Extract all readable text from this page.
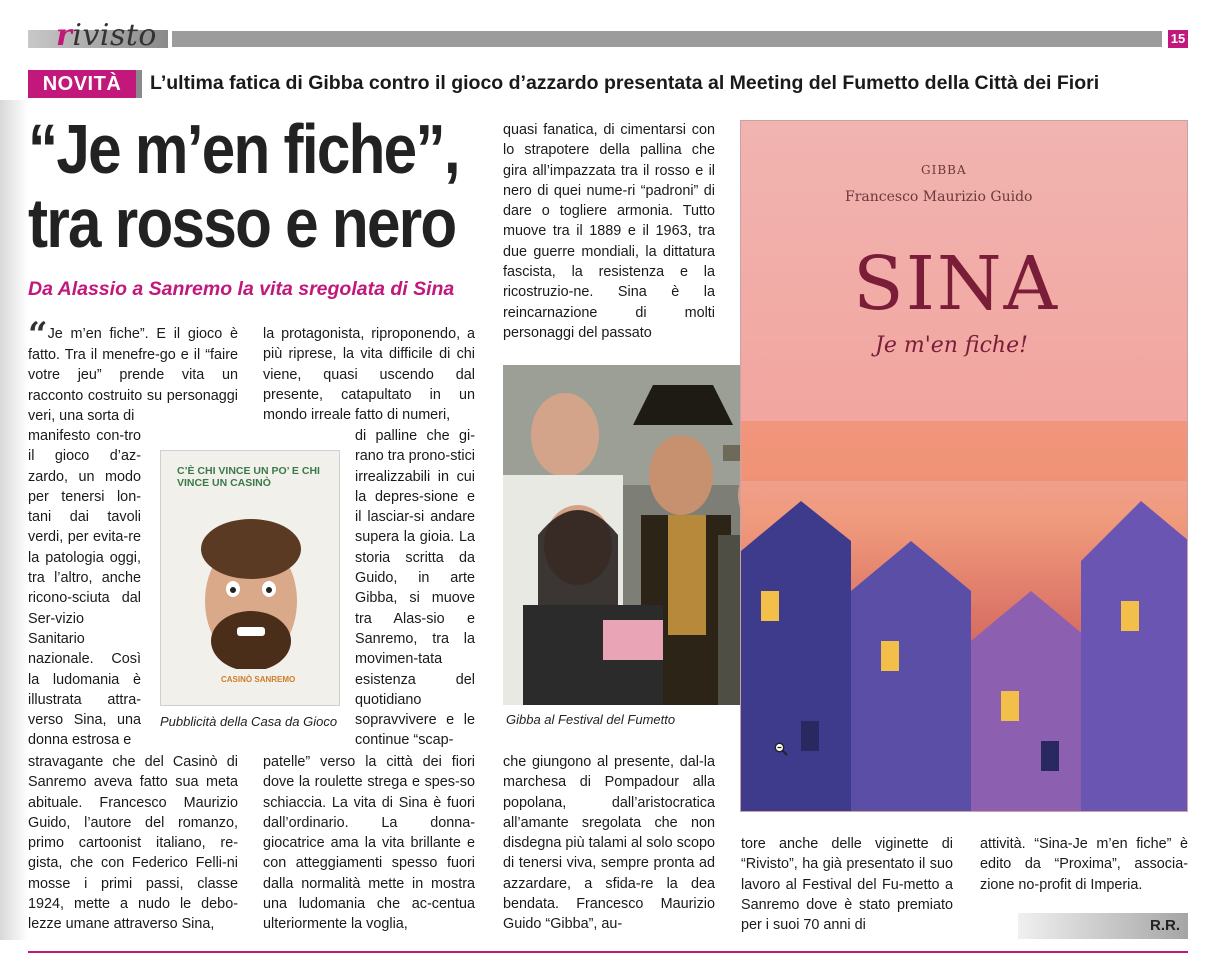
rivisto	15
NOVITÀ	L’ultima fatica di Gibba contro il gioco d’azzardo presentata al Meeting del Fumetto della Città dei Fiori
“Je m’en fiche”,
tra rosso e nero
Da Alassio a Sanremo la vita sregolata di Sina
“Je m’en fiche”. E il gioco è fatto. Tra il menefre-go e il “faire votre jeu” prende vita un racconto costruito su personaggi veri, una sorta di
manifesto con-tro il gioco d’az-zardo, un modo per tenersi lon-tani dai tavoli verdi, per evita-re la patologia oggi, tra l’altro, anche ricono-sciuta dal Ser-vizio Sanitario nazionale. Così la ludomania è illustrata attra-verso Sina, una donna estrosa e
stravagante che del Casinò di Sanremo aveva fatto sua meta abituale. Francesco Maurizio Guido, l’autore del romanzo, primo cartoonist italiano, re-gista, che con Federico Felli-ni mosse i primi passi, classe 1924, mette a nudo le debo-lezze umane attraverso Sina,
C’È CHI VINCE UN PO’ E CHI VINCE UN CASINÒ
CASINÒ SANREMO
Pubblicità della Casa da Gioco
la protagonista, riproponendo, a più riprese, la vita difficile di chi viene, quasi uscendo dal presente, catapultato in un mondo irreale fatto di numeri,
di palline che gi-rano tra prono-stici irrealizzabili in cui la depres-sione e il lasciar-si andare supera la gioia. La storia scritta da Guido, in arte Gibba, si muove tra Alas-sio e Sanremo, tra la movimen-tata esistenza del quotidiano sopravvivere e le continue “scap-
patelle” verso la città dei fiori dove la roulette strega e spes-so schiaccia. La vita di Sina è fuori dall’ordinario. La donna-giocatrice ama la vita brillante e con atteggiamenti spesso fuori dalla normalità mette in mostra una ludomania che ac-centua ulteriormente la voglia,
quasi fanatica, di cimentarsi con lo strapotere della pallina che gira all’impazzata tra il rosso e il nero di quei nume-ri “padroni” di dare o togliere armonia. Tutto muove tra il 1889 e il 1963, tra due guerre mondiali, la dittatura fascista, la resistenza e la ricostruzio-ne. Sina è la reincarnazione di molti personaggi del passato
Gibba al Festival del Fumetto
che giungono al presente, dal-la marchesa di Pompadour alla popolana, dall’aristocratica all’amante sregolata che non disdegna più talami al solo scopo di tenersi viva, sempre pronta ad azzardare, a sfida-re la dea bendata. Francesco Maurizio Guido “Gibba”, au-
GIBBA
Francesco Maurizio Guido
SINA
Je m'en fiche!
tore anche delle viginette di “Rivisto”, ha già presentato il suo lavoro al Festival del Fu-metto a Sanremo dove è stato premiato per i suoi 70 anni di
attività. “Sina-Je m’en fiche” è edito da “Proxima”, associa-zione no-profit di Imperia.
R.R.
